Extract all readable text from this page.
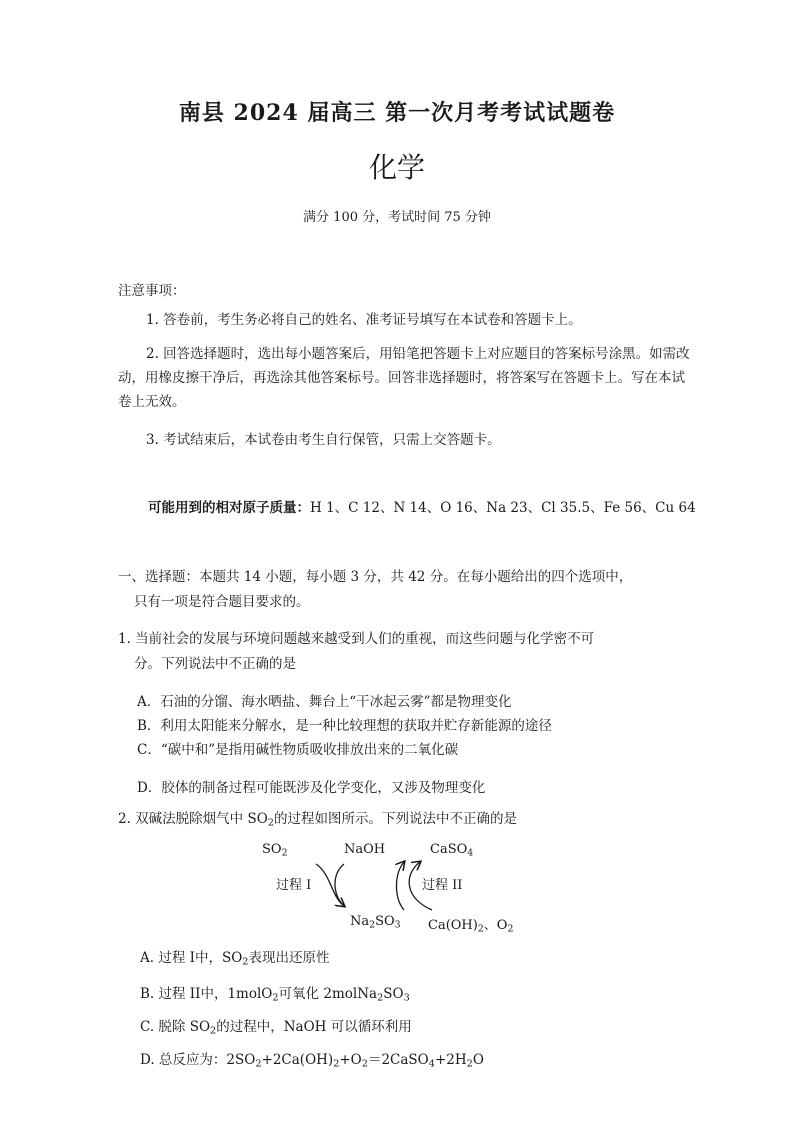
南县 2024 届高三 第一次月考考试试题卷
化学
满分 100 分，考试时间 75 分钟
注意事项：
1. 答卷前，考生务必将自己的姓名、准考证号填写在本试卷和答题卡上。
2. 回答选择题时，选出每小题答案后，用铅笔把答题卡上对应题目的答案标号涂黑。如需改动，用橡皮擦干净后，再选涂其他答案标号。回答非选择题时，将答案写在答题卡上。写在本试卷上无效。
3. 考试结束后，本试卷由考生自行保管，只需上交答题卡。
可能用到的相对原子质量：H 1、C 12、N 14、O 16、Na 23、Cl 35.5、Fe 56、Cu 64
一、选择题：本题共 14 小题，每小题 3 分，共 42 分。在每小题给出的四个选项中，
只有一项是符合题目要求的。
1. 当前社会的发展与环境问题越来越受到人们的重视，而这些问题与化学密不可
分。下列说法中不正确的是
A．石油的分馏、海水晒盐、舞台上“干冰起云雾”都是物理变化
B．利用太阳能来分解水，是一种比较理想的获取并贮存新能源的途径
C．“碳中和”是指用碱性物质吸收排放出来的二氧化碳
D．胶体的制备过程可能既涉及化学变化，又涉及物理变化
2. 双碱法脱除烟气中 $SO_2$的过程如图所示。下列说法中不正确的是
$SO_2$	NaOH	CaSO$_4$
过程 I	过程 II
$Na_2SO_3$ $Ca(OH)_2$、$O_2$
A. 过程 I中，$SO_2$表现出还原性
B. 过程 II中，1molO$_2$可氧化 $2molNa_2SO_3$
C. 脱除 $SO_2$的过程中，NaOH 可以循环利用
D. 总反应为：$2SO_2+2Ca(OH)_2+O_2=2CaSO_4+2H_2O$
